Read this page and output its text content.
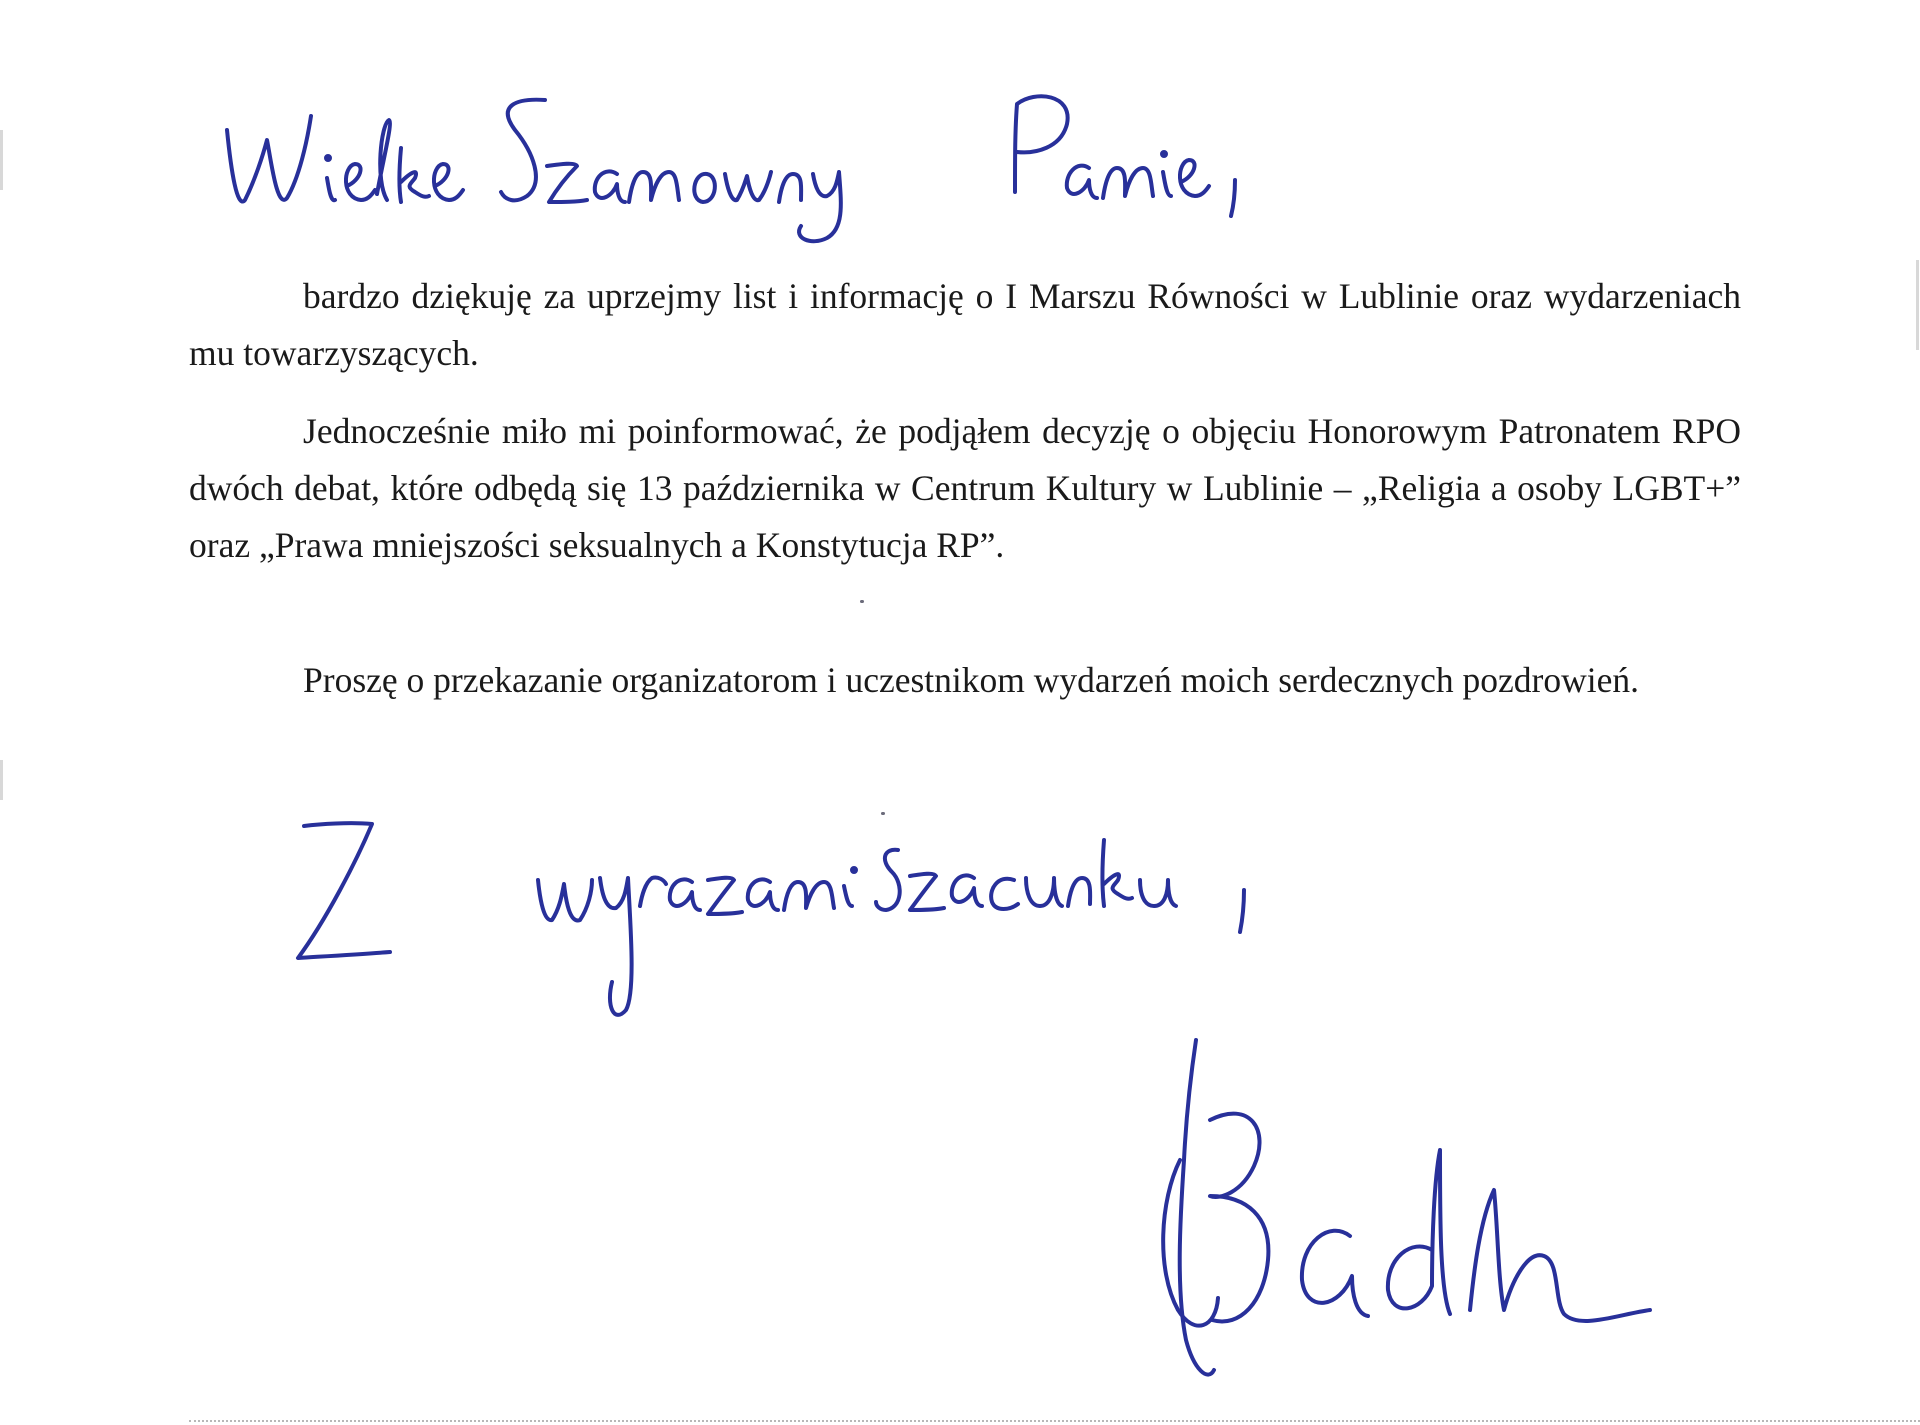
bardzo dziękuję za uprzejmy list i informację o I Marszu Równości w Lublinie oraz wydarzeniach mu towarzyszących.

Jednocześnie miło mi poinformować, że podjąłem decyzję o objęciu Honorowym Patronatem RPO dwóch debat, które odbędą się 13 października w Centrum Kultury w Lublinie – „Religia a osoby LGBT+” oraz „Prawa mniejszości seksualnych a Konstytucja RP”.

Proszę o przekazanie organizatorom i uczestnikom wydarzeń moich serdecznych pozdrowień.
